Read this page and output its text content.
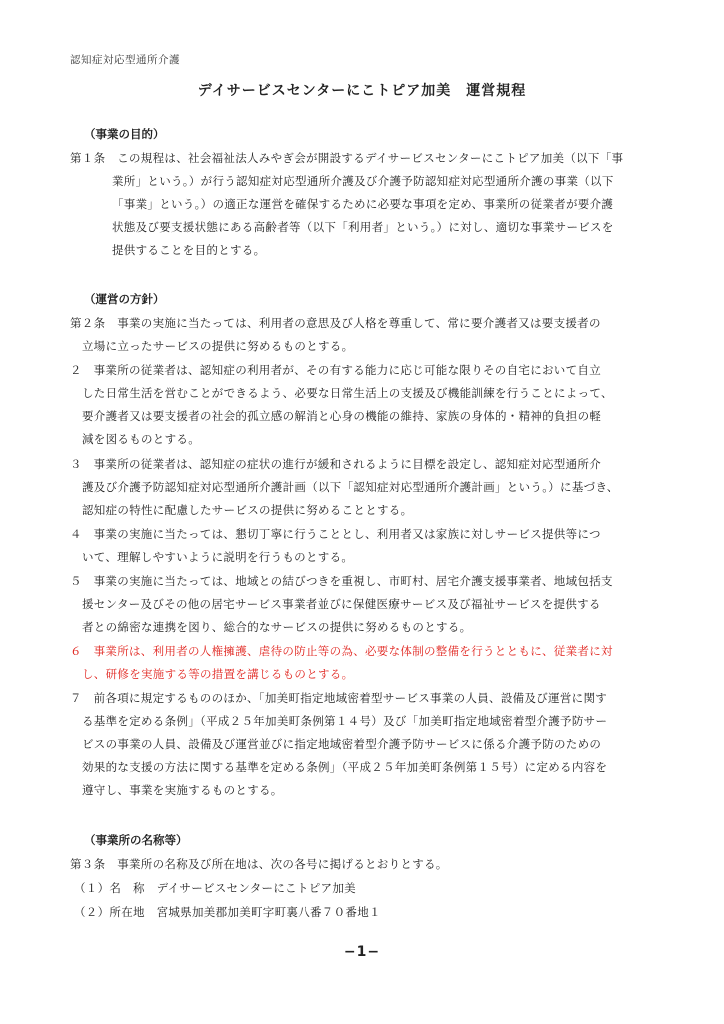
認知症対応型通所介護
デイサービスセンターにこトピア加美　運営規程
（事業の目的）
第１条　この規程は、社会福祉法人みやぎ会が開設するデイサービスセンターにこトピア加美（以下「事
業所」という。）が行う認知症対応型通所介護及び介護予防認知症対応型通所介護の事業（以下
「事業」という。）の適正な運営を確保するために必要な事項を定め、事業所の従業者が要介護
状態及び要支援状態にある高齢者等（以下「利用者」という。）に対し、適切な事業サービスを
提供することを目的とする。
（運営の方針）
第２条　事業の実施に当たっては、利用者の意思及び人格を尊重して、常に要介護者又は要支援者の
立場に立ったサービスの提供に努めるものとする。
２　事業所の従業者は、認知症の利用者が、その有する能力に応じ可能な限りその自宅において自立
した日常生活を営むことができるよう、必要な日常生活上の支援及び機能訓練を行うことによって、
要介護者又は要支援者の社会的孤立感の解消と心身の機能の維持、家族の身体的・精神的負担の軽
減を図るものとする。
３　事業所の従業者は、認知症の症状の進行が緩和されるように目標を設定し、認知症対応型通所介
護及び介護予防認知症対応型通所介護計画（以下「認知症対応型通所介護計画」という。）に基づき、
認知症の特性に配慮したサービスの提供に努めることとする。
４　事業の実施に当たっては、懇切丁寧に行うこととし、利用者又は家族に対しサービス提供等につ
いて、理解しやすいように説明を行うものとする。
５　事業の実施に当たっては、地域との結びつきを重視し、市町村、居宅介護支援事業者、地域包括支
援センター及びその他の居宅サービス事業者並びに保健医療サービス及び福祉サービスを提供する
者との綿密な連携を図り、総合的なサービスの提供に努めるものとする。
６　事業所は、利用者の人権擁護、虐待の防止等の為、必要な体制の整備を行うとともに、従業者に対
し、研修を実施する等の措置を講じるものとする。
７　前各項に規定するもののほか、「加美町指定地域密着型サービス事業の人員、設備及び運営に関す
る基準を定める条例」（平成２５年加美町条例第１４号）及び「加美町指定地域密着型介護予防サー
ビスの事業の人員、設備及び運営並びに指定地域密着型介護予防サービスに係る介護予防のための
効果的な支援の方法に関する基準を定める条例」（平成２５年加美町条例第１５号）に定める内容を
遵守し、事業を実施するものとする。
（事業所の名称等）
第３条　事業所の名称及び所在地は、次の各号に掲げるとおりとする。
（１）名　称　デイサービスセンターにこトピア加美
（２）所在地　宮城県加美郡加美町字町裏八番７０番地１
−1−
